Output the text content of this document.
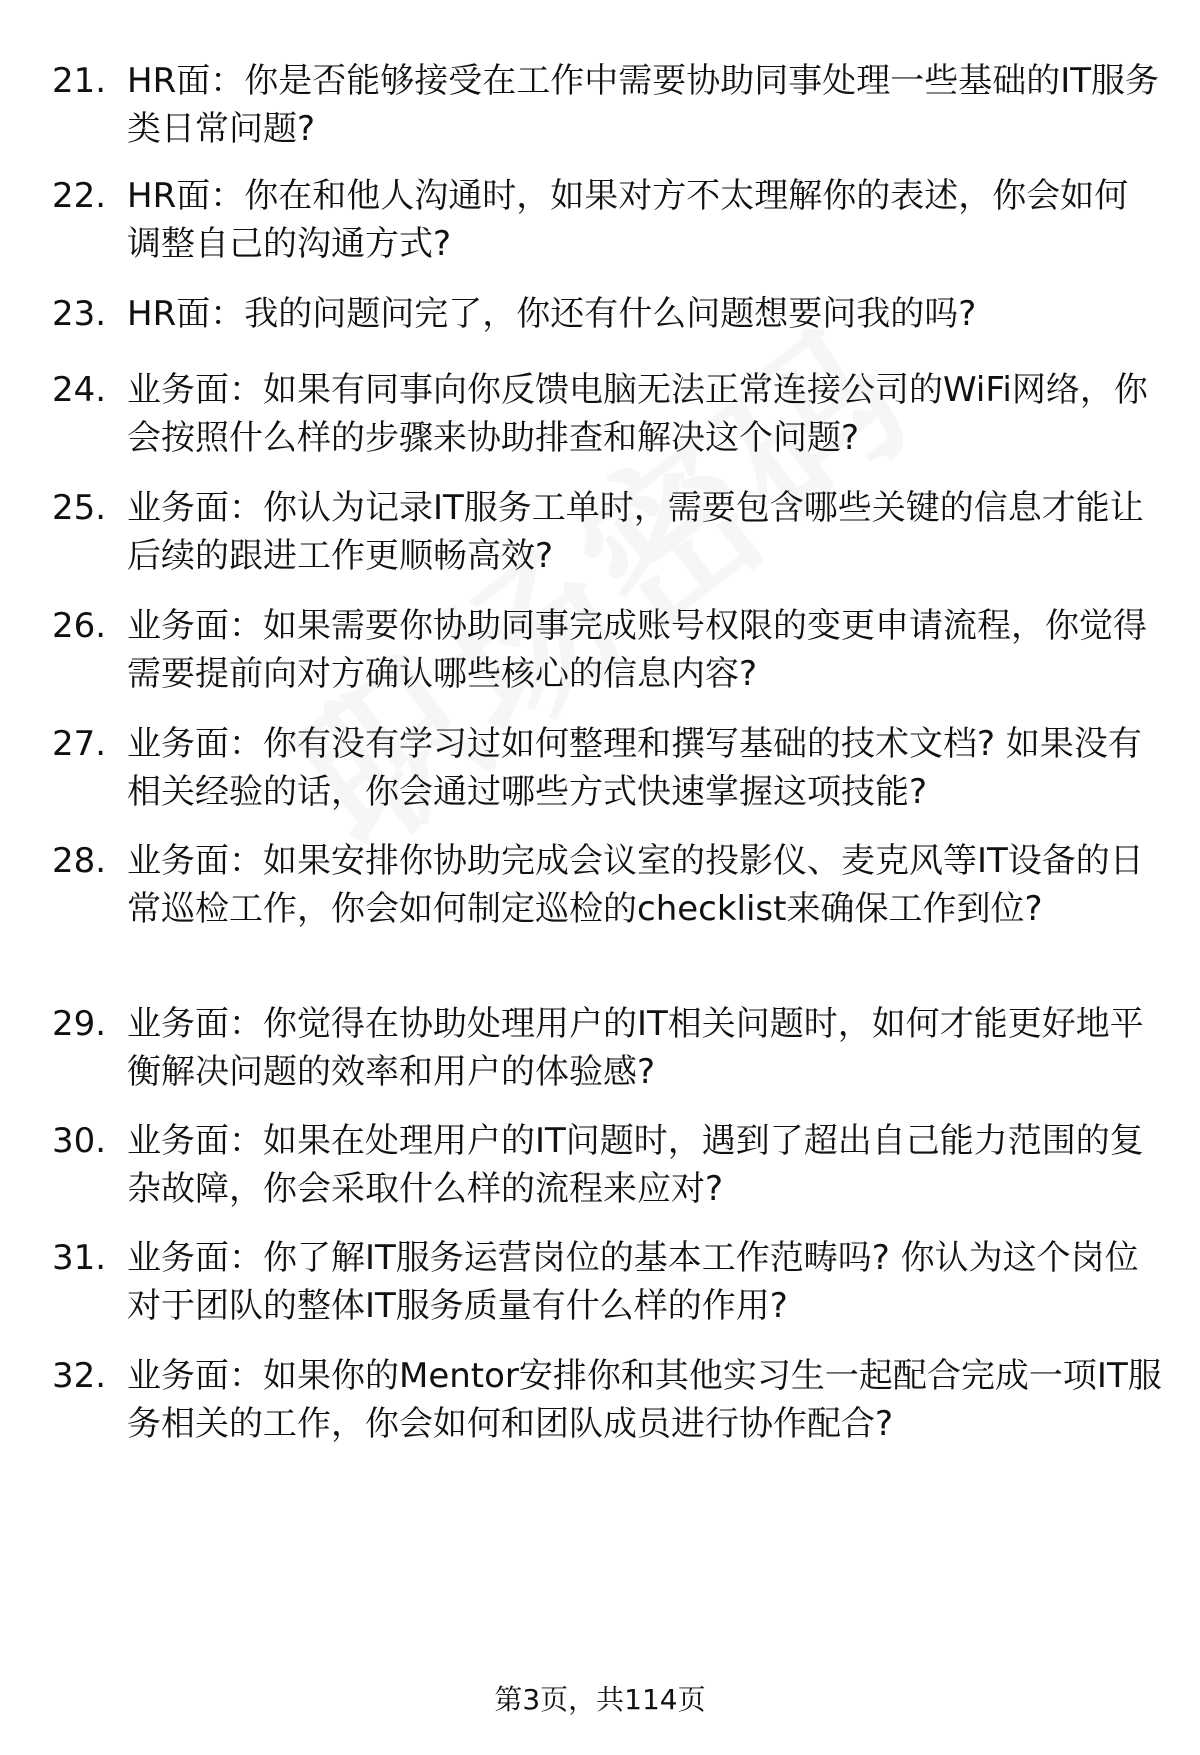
21. HR面：你是否能够接受在工作中需要协助同事处理一些基础的IT服务类日常问题?
22. HR面：你在和他人沟通时，如果对方不太理解你的表述，你会如何调整自己的沟通方式?
23. HR面：我的问题问完了，你还有什么问题想要问我的吗?
24. 业务面：如果有同事向你反馈电脑无法正常连接公司的WiFi网络，你会按照什么样的步骤来协助排查和解决这个问题?
25. 业务面：你认为记录IT服务工单时，需要包含哪些关键的信息才能让后续的跟进工作更顺畅高效?
26. 业务面：如果需要你协助同事完成账号权限的变更申请流程，你觉得需要提前向对方确认哪些核心的信息内容?
27. 业务面：你有没有学习过如何整理和撰写基础的技术文档? 如果没有相关经验的话，你会通过哪些方式快速掌握这项技能?
28. 业务面：如果安排你协助完成会议室的投影仪、麦克风等IT设备的日常巡检工作，你会如何制定巡检的checklist来确保工作到位?
29. 业务面：你觉得在协助处理用户的IT相关问题时，如何才能更好地平衡解决问题的效率和用户的体验感?
30. 业务面：如果在处理用户的IT问题时，遇到了超出自己能力范围的复杂故障，你会采取什么样的流程来应对?
31. 业务面：你了解IT服务运营岗位的基本工作范畴吗? 你认为这个岗位对于团队的整体IT服务质量有什么样的作用?
32. 业务面：如果你的Mentor安排你和其他实习生一起配合完成一项IT服务相关的工作，你会如何和团队成员进行协作配合?
第3页，共114页
